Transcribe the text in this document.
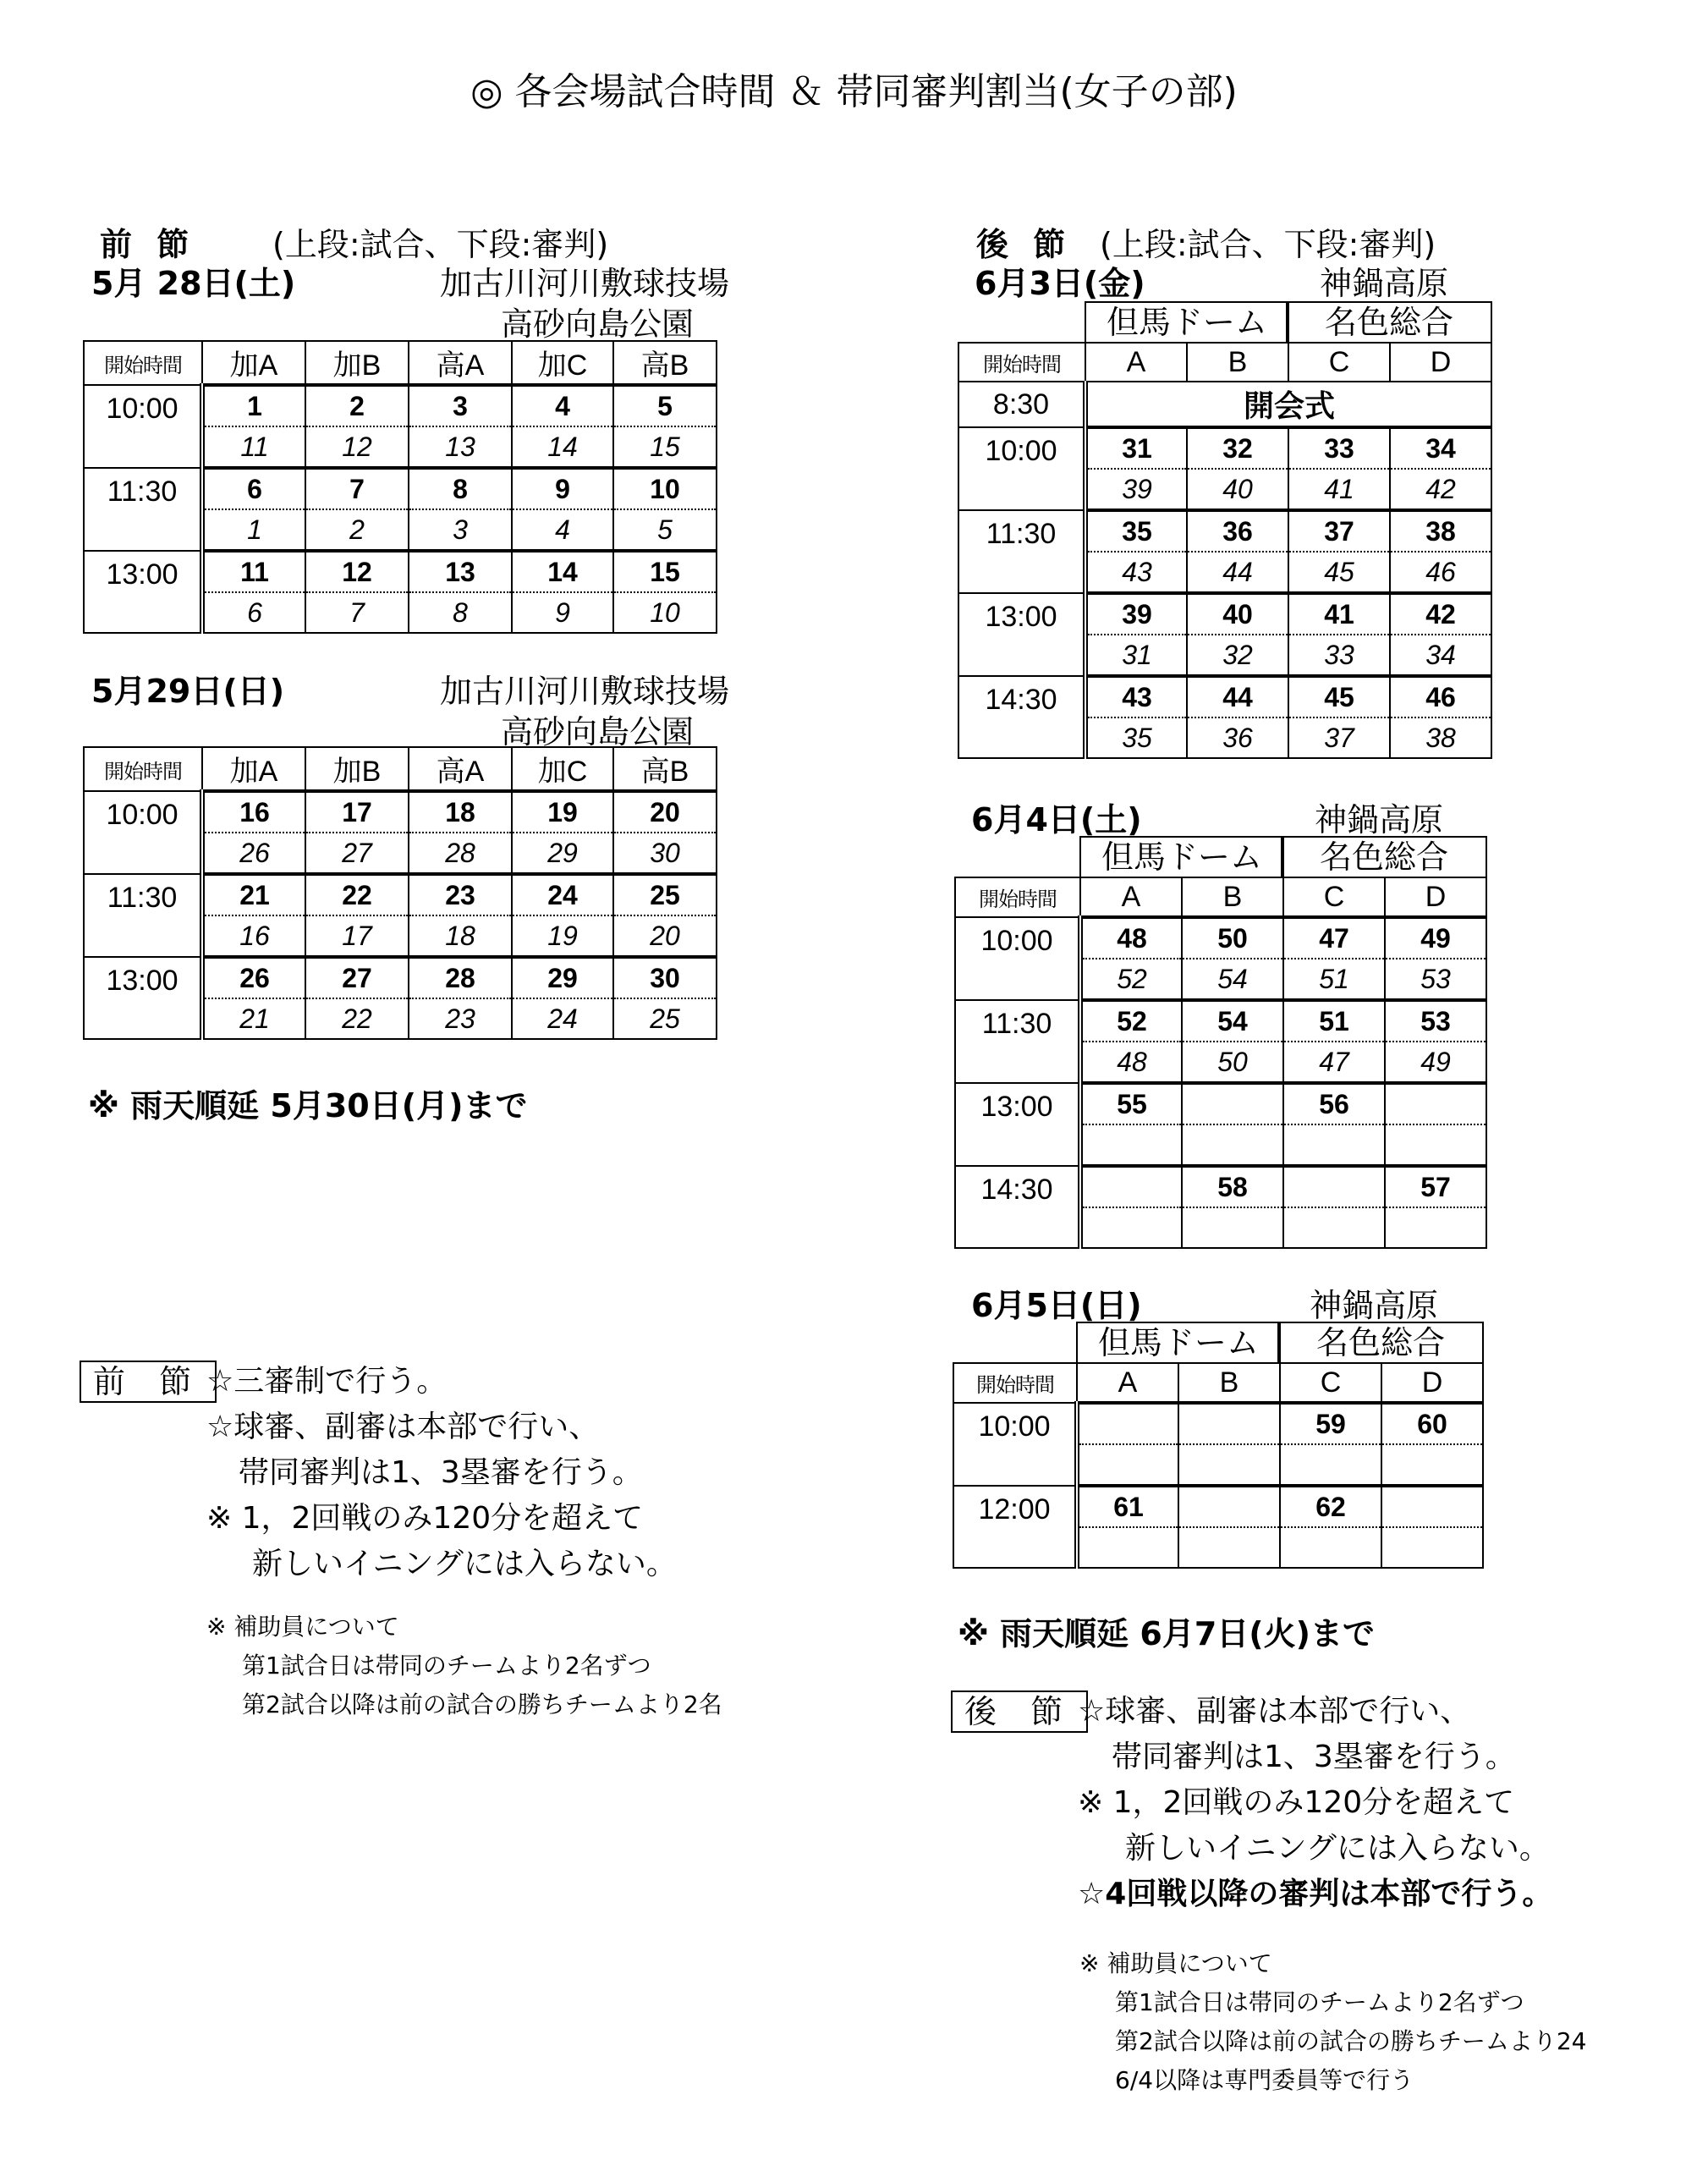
◎ 各会場試合時間 ＆ 帯同審判割当(女子の部)
前 節 (上段:試合、下段:審判)
5月 28日(土)	加古川河川敷球技場
高砂向島公園
開始時間	加A	加B	高A	加C	高B
10:00	1	2	3	4	5
	11	12	13	14	15
11:30	6	7	8	9	10
	1	2	3	4	5
13:00	11	12	13	14	15
	6	7	8	9	10
5月29日(日)	加古川河川敷球技場
高砂向島公園
開始時間	加A	加B	高A	加C	高B
10:00	16	17	18	19	20
	26	27	28	29	30
11:30	21	22	23	24	25
	16	17	18	19	20
13:00	26	27	28	29	30
	21	22	23	24	25
※ 雨天順延 5月30日(月)まで
前 節 ☆三審制で行う。
☆球審、副審は本部で行い、
帯同審判は1、3塁審を行う。
※ 1，2回戦のみ120分を超えて
新しいイニングには入らない。
※ 補助員について
第1試合日は帯同のチームより2名ずつ
第2試合以降は前の試合の勝ちチームより2名
後 節 (上段:試合、下段:審判)
6月3日(金)	神鍋高原
但馬ドーム	名色総合
開始時間	A	B	C	D
8:30	開会式			
10:00	31	32	33	34
	39	40	41	42
11:30	35	36	37	38
	43	44	45	46
13:00	39	40	41	42
	31	32	33	34
14:30	43	44	45	46
	35	36	37	38
6月4日(土)	神鍋高原
但馬ドーム	名色総合
開始時間	A	B	C	D
10:00	48	50	47	49
	52	54	51	53
11:30	52	54	51	53
	48	50	47	49
13:00	55		56	

14:30		58		57

6月5日(日)	神鍋高原
但馬ドーム	名色総合
開始時間	A	B	C	D
10:00			59	60

12:00	61		62	

※ 雨天順延 6月7日(火)まで
後 節 ☆球審、副審は本部で行い、
帯同審判は1、3塁審を行う。
※ 1，2回戦のみ120分を超えて
新しいイニングには入らない。
☆4回戦以降の審判は本部で行う。
※ 補助員について
第1試合日は帯同のチームより2名ずつ
第2試合以降は前の試合の勝ちチームより24
6/4以降は専門委員等で行う
